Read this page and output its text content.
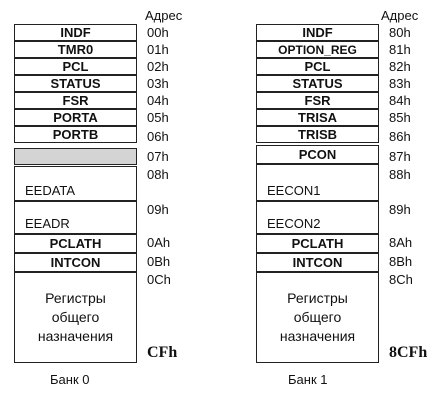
Адрес
INDF
TMR0
PCL
STATUS
FSR
PORTA
PORTB
EEDATA
EEADR
PCLATH
INTCON
Регистры
общего
назначения
00h
01h
02h
03h
04h
05h
06h
07h
08h
09h
0Ah
0Bh
0Ch
CFh
Банк 0
Адрес
INDF
OPTION_REG
PCL
STATUS
FSR
TRISA
TRISB
PCON
EECON1
EECON2
PCLATH
INTCON
Регистры
общего
назначения
80h
81h
82h
83h
84h
85h
86h
87h
88h
89h
8Ah
8Bh
8Ch
8CFh
Банк 1
